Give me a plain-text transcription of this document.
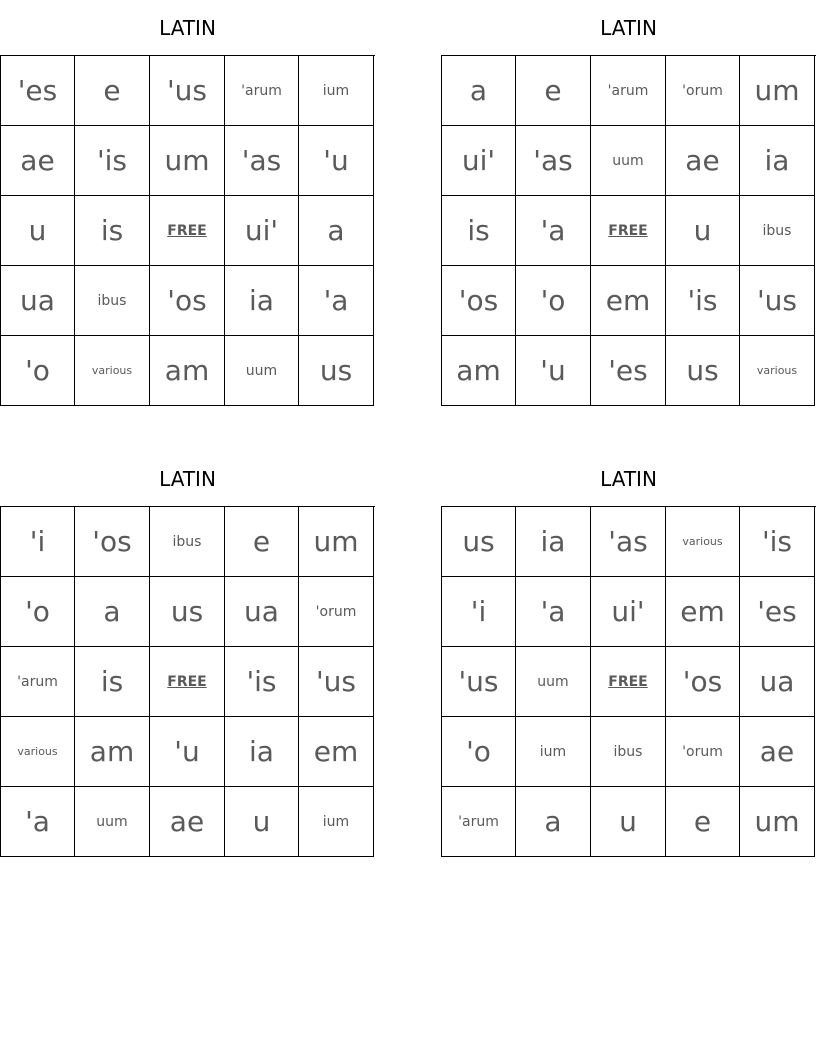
LATIN
'es	e	'us	'arum	ium
ae	'is	um	'as	'u
u	is	FREE	ui'	a
ua	ibus	'os	ia	'a
'o	various	am	uum	us
LATIN
a	e	'arum	'orum	um
ui'	'as	uum	ae	ia
is	'a	FREE	u	ibus
'os	'o	em	'is	'us
am	'u	'es	us	various
LATIN
'i	'os	ibus	e	um
'o	a	us	ua	'orum
'arum	is	FREE	'is	'us
various	am	'u	ia	em
'a	uum	ae	u	ium
LATIN
us	ia	'as	various	'is
'i	'a	ui'	em	'es
'us	uum	FREE	'os	ua
'o	ium	ibus	'orum	ae
'arum	a	u	e	um
